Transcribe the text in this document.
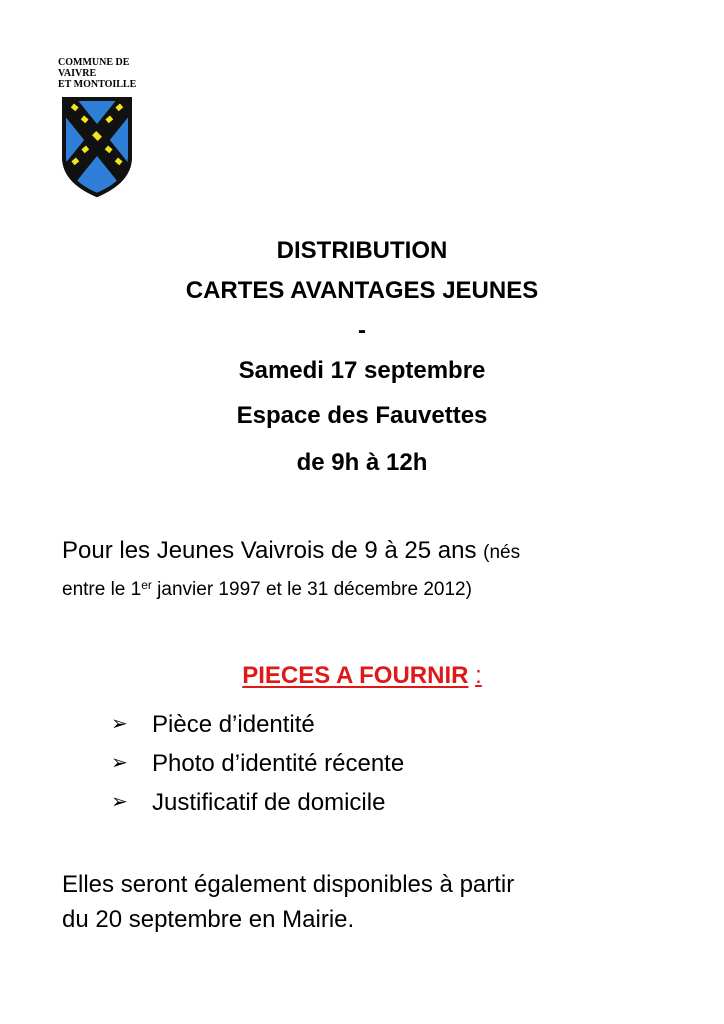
COMMUNE DE

VAIVRE

ET MONTOILLE

DISTRIBUTION

CARTES AVANTAGES JEUNES

-

Samedi 17 septembre

Espace des Fauvettes

de 9h à 12h

Pour les Jeunes Vaivrois de 9 à 25 ans (nés
entre le 1er janvier 1997 et le 31 décembre 2012)

PIECES A FOURNIR :

➢	Pièce d’identité
➢	Photo d’identité récente
➢	Justificatif de domicile

Elles seront également disponibles à partir
du 20 septembre en Mairie.
